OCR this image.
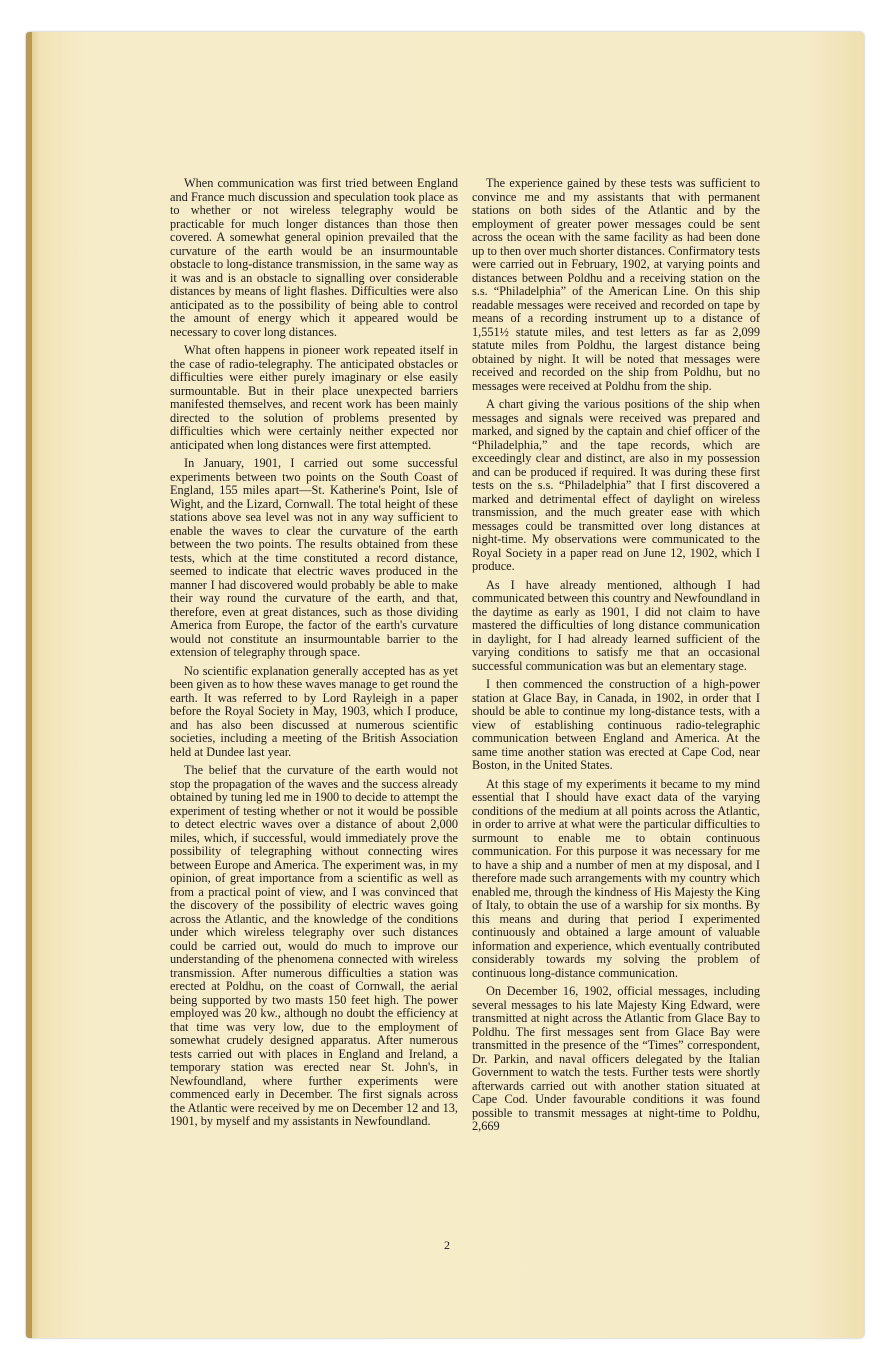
When communication was first tried between England and France much discussion and speculation took place as to whether or not wireless telegraphy would be practicable for much longer distances than those then covered. A somewhat general opinion prevailed that the curvature of the earth would be an insurmountable obstacle to long-distance transmission, in the same way as it was and is an obstacle to signalling over considerable distances by means of light flashes. Difficulties were also anticipated as to the possibility of being able to control the amount of energy which it appeared would be necessary to cover long distances.

What often happens in pioneer work repeated itself in the case of radio-telegraphy. The anticipated obstacles or difficulties were either purely imaginary or else easily surmountable. But in their place unexpected barriers manifested themselves, and recent work has been mainly directed to the solution of problems presented by difficulties which were certainly neither expected nor anticipated when long distances were first attempted.

In January, 1901, I carried out some successful experiments between two points on the South Coast of England, 155 miles apart—St. Katherine's Point, Isle of Wight, and the Lizard, Cornwall. The total height of these stations above sea level was not in any way sufficient to enable the waves to clear the curvature of the earth between the two points. The results obtained from these tests, which at the time constituted a record distance, seemed to indicate that electric waves produced in the manner I had discovered would probably be able to make their way round the curvature of the earth, and that, therefore, even at great distances, such as those dividing America from Europe, the factor of the earth's curvature would not constitute an insurmountable barrier to the extension of telegraphy through space.

No scientific explanation generally accepted has as yet been given as to how these waves manage to get round the earth. It was referred to by Lord Rayleigh in a paper before the Royal Society in May, 1903, which I produce, and has also been discussed at numerous scientific societies, including a meeting of the British Association held at Dundee last year.

The belief that the curvature of the earth would not stop the propagation of the waves and the success already obtained by tuning led me in 1900 to decide to attempt the experiment of testing whether or not it would be possible to detect electric waves over a distance of about 2,000 miles, which, if successful, would immediately prove the possibility of telegraphing without connecting wires between Europe and America. The experiment was, in my opinion, of great importance from a scientific as well as from a practical point of view, and I was convinced that the discovery of the possibility of electric waves going across the Atlantic, and the knowledge of the conditions under which wireless telegraphy over such distances could be carried out, would do much to improve our understanding of the phenomena connected with wireless transmission. After numerous difficulties a station was erected at Poldhu, on the coast of Cornwall, the aerial being supported by two masts 150 feet high. The power employed was 20 kw., although no doubt the efficiency at that time was very low, due to the employment of somewhat crudely designed apparatus. After numerous tests carried out with places in England and Ireland, a temporary station was erected near St. John's, in Newfoundland, where further experiments were commenced early in December. The first signals across the Atlantic were received by me on December 12 and 13, 1901, by myself and my assistants in Newfoundland.

The experience gained by these tests was sufficient to convince me and my assistants that with permanent stations on both sides of the Atlantic and by the employment of greater power messages could be sent across the ocean with the same facility as had been done up to then over much shorter distances. Confirmatory tests were carried out in February, 1902, at varying points and distances between Poldhu and a receiving station on the s.s. “Philadelphia” of the American Line. On this ship readable messages were received and recorded on tape by means of a recording instrument up to a distance of 1,551½ statute miles, and test letters as far as 2,099 statute miles from Poldhu, the largest distance being obtained by night. It will be noted that messages were received and recorded on the ship from Poldhu, but no messages were received at Poldhu from the ship.

A chart giving the various positions of the ship when messages and signals were received was prepared and marked, and signed by the captain and chief officer of the “Philadelphia,” and the tape records, which are exceedingly clear and distinct, are also in my possession and can be produced if required. It was during these first tests on the s.s. “Philadelphia” that I first discovered a marked and detrimental effect of daylight on wireless transmission, and the much greater ease with which messages could be transmitted over long distances at night-time. My observations were communicated to the Royal Society in a paper read on June 12, 1902, which I produce.

As I have already mentioned, although I had communicated between this country and Newfoundland in the daytime as early as 1901, I did not claim to have mastered the difficulties of long distance communication in daylight, for I had already learned sufficient of the varying conditions to satisfy me that an occasional successful communication was but an elementary stage.

I then commenced the construction of a high-power station at Glace Bay, in Canada, in 1902, in order that I should be able to continue my long-distance tests, with a view of establishing continuous radio-telegraphic communication between England and America. At the same time another station was erected at Cape Cod, near Boston, in the United States.

At this stage of my experiments it became to my mind essential that I should have exact data of the varying conditions of the medium at all points across the Atlantic, in order to arrive at what were the particular difficulties to surmount to enable me to obtain continuous communication. For this purpose it was necessary for me to have a ship and a number of men at my disposal, and I therefore made such arrangements with my country which enabled me, through the kindness of His Majesty the King of Italy, to obtain the use of a warship for six months. By this means and during that period I experimented continuously and obtained a large amount of valuable information and experience, which eventually contributed considerably towards my solving the problem of continuous long-distance communication.

On December 16, 1902, official messages, including several messages to his late Majesty King Edward, were transmitted at night across the Atlantic from Glace Bay to Poldhu. The first messages sent from Glace Bay were transmitted in the presence of the “Times” correspondent, Dr. Parkin, and naval officers delegated by the Italian Government to watch the tests. Further tests were shortly afterwards carried out with another station situated at Cape Cod. Under favourable conditions it was found possible to transmit messages at night-time to Poldhu, 2,669

2
